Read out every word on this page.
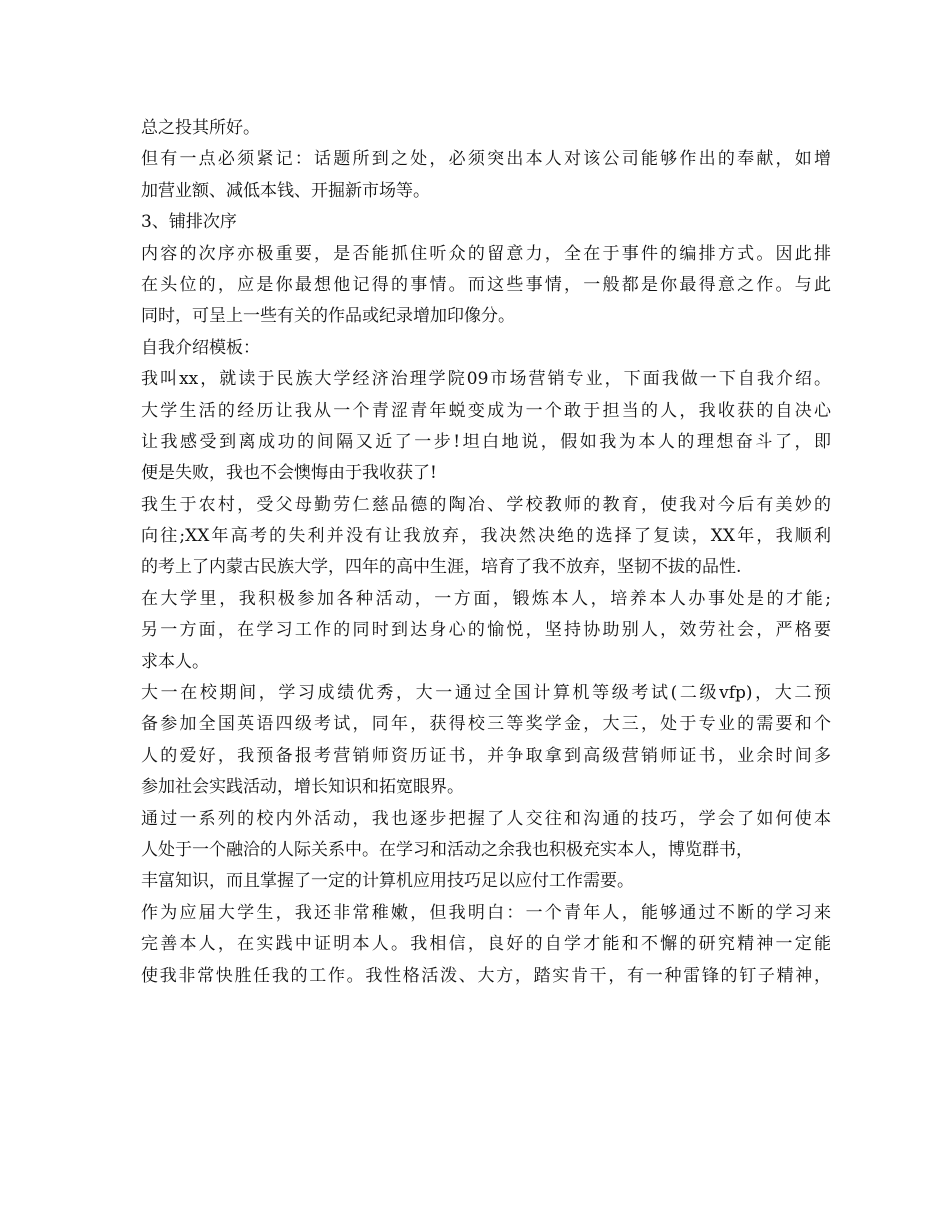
总之投其所好。
但有一点必须紧记：话题所到之处，必须突出本人对该公司能够作出的奉献，如增
加营业额、减低本钱、开掘新市场等。
3、铺排次序
内容的次序亦极重要，是否能抓住听众的留意力，全在于事件的编排方式。因此排
在头位的，应是你最想他记得的事情。而这些事情，一般都是你最得意之作。与此
同时，可呈上一些有关的作品或纪录增加印像分。
自我介绍模板：
我叫xx，就读于民族大学经济治理学院09市场营销专业，下面我做一下自我介绍。
大学生活的经历让我从一个青涩青年蜕变成为一个敢于担当的人，我收获的自决心
让我感受到离成功的间隔又近了一步!坦白地说，假如我为本人的理想奋斗了，即
便是失败，我也不会懊悔由于我收获了!
我生于农村，受父母勤劳仁慈品德的陶冶、学校教师的教育，使我对今后有美妙的
向往;XX年高考的失利并没有让我放弃，我决然决绝的选择了复读，XX年，我顺利
的考上了内蒙古民族大学，四年的高中生涯，培育了我不放弃，坚韧不拔的品性.
在大学里，我积极参加各种活动，一方面，锻炼本人，培养本人办事处是的才能;
另一方面，在学习工作的同时到达身心的愉悦，坚持协助别人，效劳社会，严格要
求本人。
大一在校期间，学习成绩优秀，大一通过全国计算机等级考试(二级vfp)，大二预
备参加全国英语四级考试，同年，获得校三等奖学金，大三，处于专业的需要和个
人的爱好，我预备报考营销师资历证书，并争取拿到高级营销师证书，业余时间多
参加社会实践活动，增长知识和拓宽眼界。
通过一系列的校内外活动，我也逐步把握了人交往和沟通的技巧，学会了如何使本
人处于一个融洽的人际关系中。在学习和活动之余我也积极充实本人，博览群书，
丰富知识，而且掌握了一定的计算机应用技巧足以应付工作需要。
作为应届大学生，我还非常稚嫩，但我明白：一个青年人，能够通过不断的学习来
完善本人，在实践中证明本人。我相信，良好的自学才能和不懈的研究精神一定能
使我非常快胜任我的工作。我性格活泼、大方，踏实肯干，有一种雷锋的钉子精神，
